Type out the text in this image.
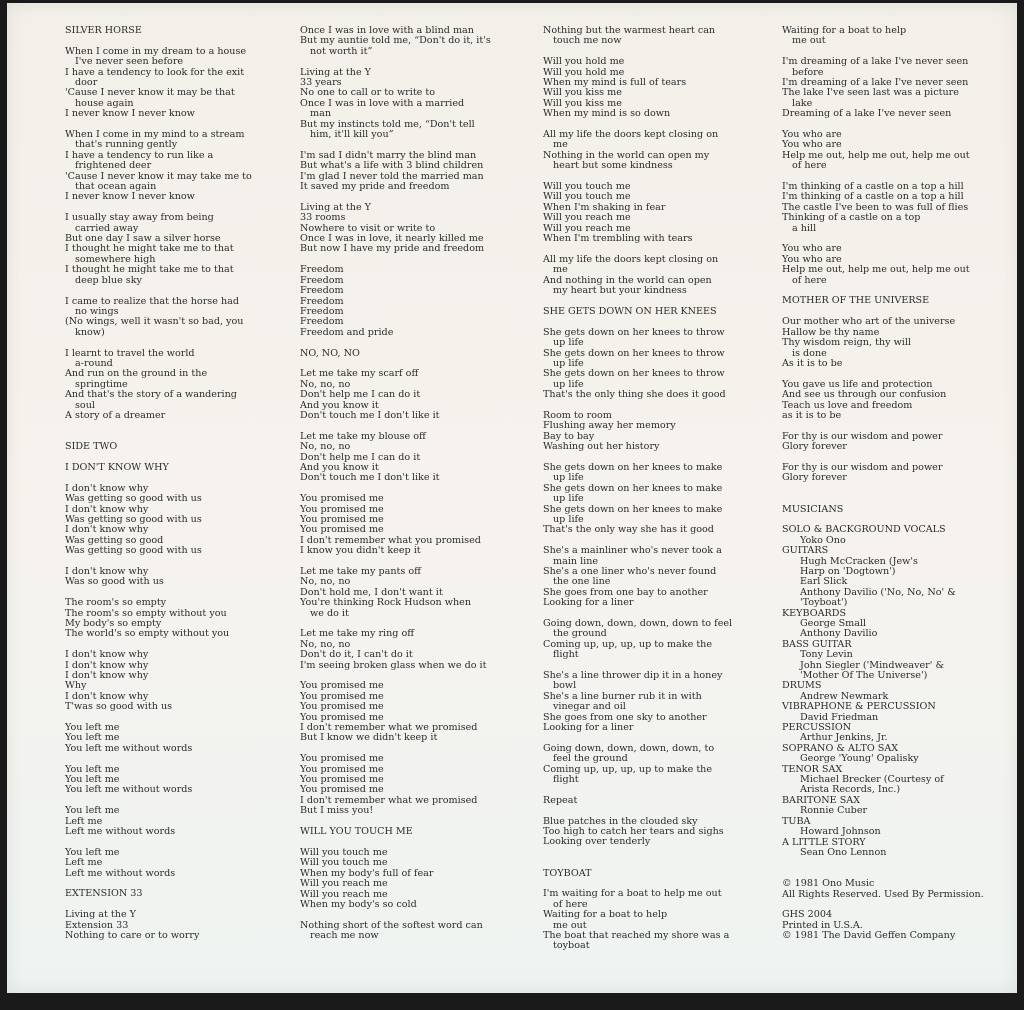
SILVER HORSE
When I come in my dream to a house
I've never seen before
I have a tendency to look for the exit
door
'Cause I never know it may be that
house again
I never know I never know
When I come in my mind to a stream
that's running gently
I have a tendency to run like a
frightened deer
'Cause I never know it may take me to
that ocean again
I never know I never know
I usually stay away from being
carried away
But one day I saw a silver horse
I thought he might take me to that
somewhere high
I thought he might take me to that
deep blue sky
I came to realize that the horse had
no wings
(No wings, well it wasn't so bad, you
know)
I learnt to travel the world
a-round
And run on the ground in the
springtime
And that's the story of a wandering
soul
A story of a dreamer
SIDE TWO
I DON'T KNOW WHY
I don't know why
Was getting so good with us
I don't know why
Was getting so good with us
I don't know why
Was getting so good
Was getting so good with us
I don't know why
Was so good with us
The room's so empty
The room's so empty without you
My body's so empty
The world's so empty without you
I don't know why
I don't know why
I don't know why
Why
I don't know why
T'was so good with us
You left me
You left me
You left me without words
You left me
You left me
You left me without words
You left me
Left me
Left me without words
You left me
Left me
Left me without words
EXTENSION 33
Living at the Y
Extension 33
Nothing to care or to worry
Once I was in love with a blind man
But my auntie told me, “Don't do it, it's
not worth it”
Living at the Y
33 years
No one to call or to write to
Once I was in love with a married
man
But my instincts told me, “Don't tell
him, it'll kill you”
I'm sad I didn't marry the blind man
But what's a life with 3 blind children
I'm glad I never told the married man
It saved my pride and freedom
Living at the Y
33 rooms
Nowhere to visit or write to
Once I was in love, it nearly killed me
But now I have my pride and freedom
Freedom
Freedom
Freedom
Freedom
Freedom
Freedom
Freedom and pride
NO, NO, NO
Let me take my scarf off
No, no, no
Don't help me I can do it
And you know it
Don't touch me I don't like it
Let me take my blouse off
No, no, no
Don't help me I can do it
And you know it
Don't touch me I don't like it
You promised me
You promised me
You promised me
You promised me
I don't remember what you promised
I know you didn't keep it
Let me take my pants off
No, no, no
Don't hold me, I don't want it
You're thinking Rock Hudson when
we do it
Let me take my ring off
No, no, no
Don't do it, I can't do it
I'm seeing broken glass when we do it
You promised me
You promised me
You promised me
You promised me
I don't remember what we promised
But I know we didn't keep it
You promised me
You promised me
You promised me
You promised me
I don't remember what we promised
But I miss you!
WILL YOU TOUCH ME
Will you touch me
Will you touch me
When my body's full of fear
Will you reach me
Will you reach me
When my body's so cold
Nothing short of the softest word can
reach me now
Nothing but the warmest heart can
touch me now
Will you hold me
Will you hold me
When my mind is full of tears
Will you kiss me
Will you kiss me
When my mind is so down
All my life the doors kept closing on
me
Nothing in the world can open my
heart but some kindness
Will you touch me
Will you touch me
When I'm shaking in fear
Will you reach me
Will you reach me
When I'm trembling with tears
All my life the doors kept closing on
me
And nothing in the world can open
my heart but your kindness
SHE GETS DOWN ON HER KNEES
She gets down on her knees to throw
up life
She gets down on her knees to throw
up life
She gets down on her knees to throw
up life
That's the only thing she does it good
Room to room
Flushing away her memory
Bay to bay
Washing out her history
She gets down on her knees to make
up life
She gets down on her knees to make
up life
She gets down on her knees to make
up life
That's the only way she has it good
She's a mainliner who's never took a
main line
She's a one liner who's never found
the one line
She goes from one bay to another
Looking for a liner
Going down, down, down, down to feel
the ground
Coming up, up, up, up to make the
flight
She's a line thrower dip it in a honey
bowl
She's a line burner rub it in with
vinegar and oil
She goes from one sky to another
Looking for a liner
Going down, down, down, down, to
feel the ground
Coming up, up, up, up to make the
flight
Repeat
Blue patches in the clouded sky
Too high to catch her tears and sighs
Looking over tenderly
TOYBOAT
I'm waiting for a boat to help me out
of here
Waiting for a boat to help
me out
The boat that reached my shore was a
toyboat
Waiting for a boat to help
me out
I'm dreaming of a lake I've never seen
before
I'm dreaming of a lake I've never seen
The lake I've seen last was a picture
lake
Dreaming of a lake I've never seen
You who are
You who are
Help me out, help me out, help me out
of here
I'm thinking of a castle on a top a hill
I'm thinking of a castle on a top a hill
The castle I've been to was full of flies
Thinking of a castle on a top
a hill
You who are
You who are
Help me out, help me out, help me out
of here
MOTHER OF THE UNIVERSE
Our mother who art of the universe
Hallow be thy name
Thy wisdom reign, thy will
is done
As it is to be
You gave us life and protection
And see us through our confusion
Teach us love and freedom
as it is to be
For thy is our wisdom and power
Glory forever
For thy is our wisdom and power
Glory forever
MUSICIANS
SOLO & BACKGROUND VOCALS
Yoko Ono
GUITARS
Hugh McCracken (Jew's
Harp on 'Dogtown')
Earl Slick
Anthony Davilio ('No, No, No' &
'Toyboat')
KEYBOARDS
George Small
Anthony Davilio
BASS GUITAR
Tony Levin
John Siegler ('Mindweaver' &
'Mother Of The Universe')
DRUMS
Andrew Newmark
VIBRAPHONE & PERCUSSION
David Friedman
PERCUSSION
Arthur Jenkins, Jr.
SOPRANO & ALTO SAX
George 'Young' Opalisky
TENOR SAX
Michael Brecker (Courtesy of
Arista Records, Inc.)
BARITONE SAX
Ronnie Cuber
TUBA
Howard Johnson
A LITTLE STORY
Sean Ono Lennon
© 1981 Ono Music
All Rights Reserved. Used By Permission.
GHS 2004
Printed in U.S.A.
© 1981 The David Geffen Company
